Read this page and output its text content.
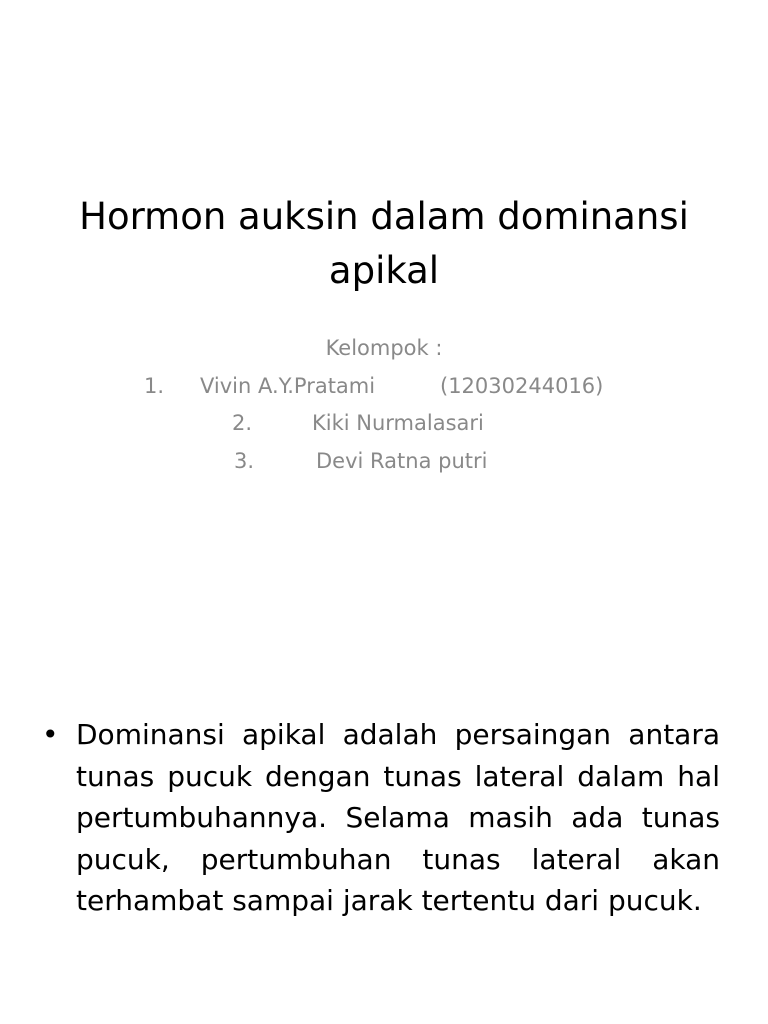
Hormon auksin dalam dominansi apikal
Kelompok :
1. Vivin A.Y.Pratami	(12030244016)
2.	Kiki Nurmalasari
3.	Devi Ratna putri
• Dominansi apikal adalah persaingan antara tunas pucuk dengan tunas lateral dalam hal pertumbuhannya. Selama masih ada tunas pucuk, pertumbuhan tunas lateral akan terhambat sampai jarak tertentu dari pucuk.
